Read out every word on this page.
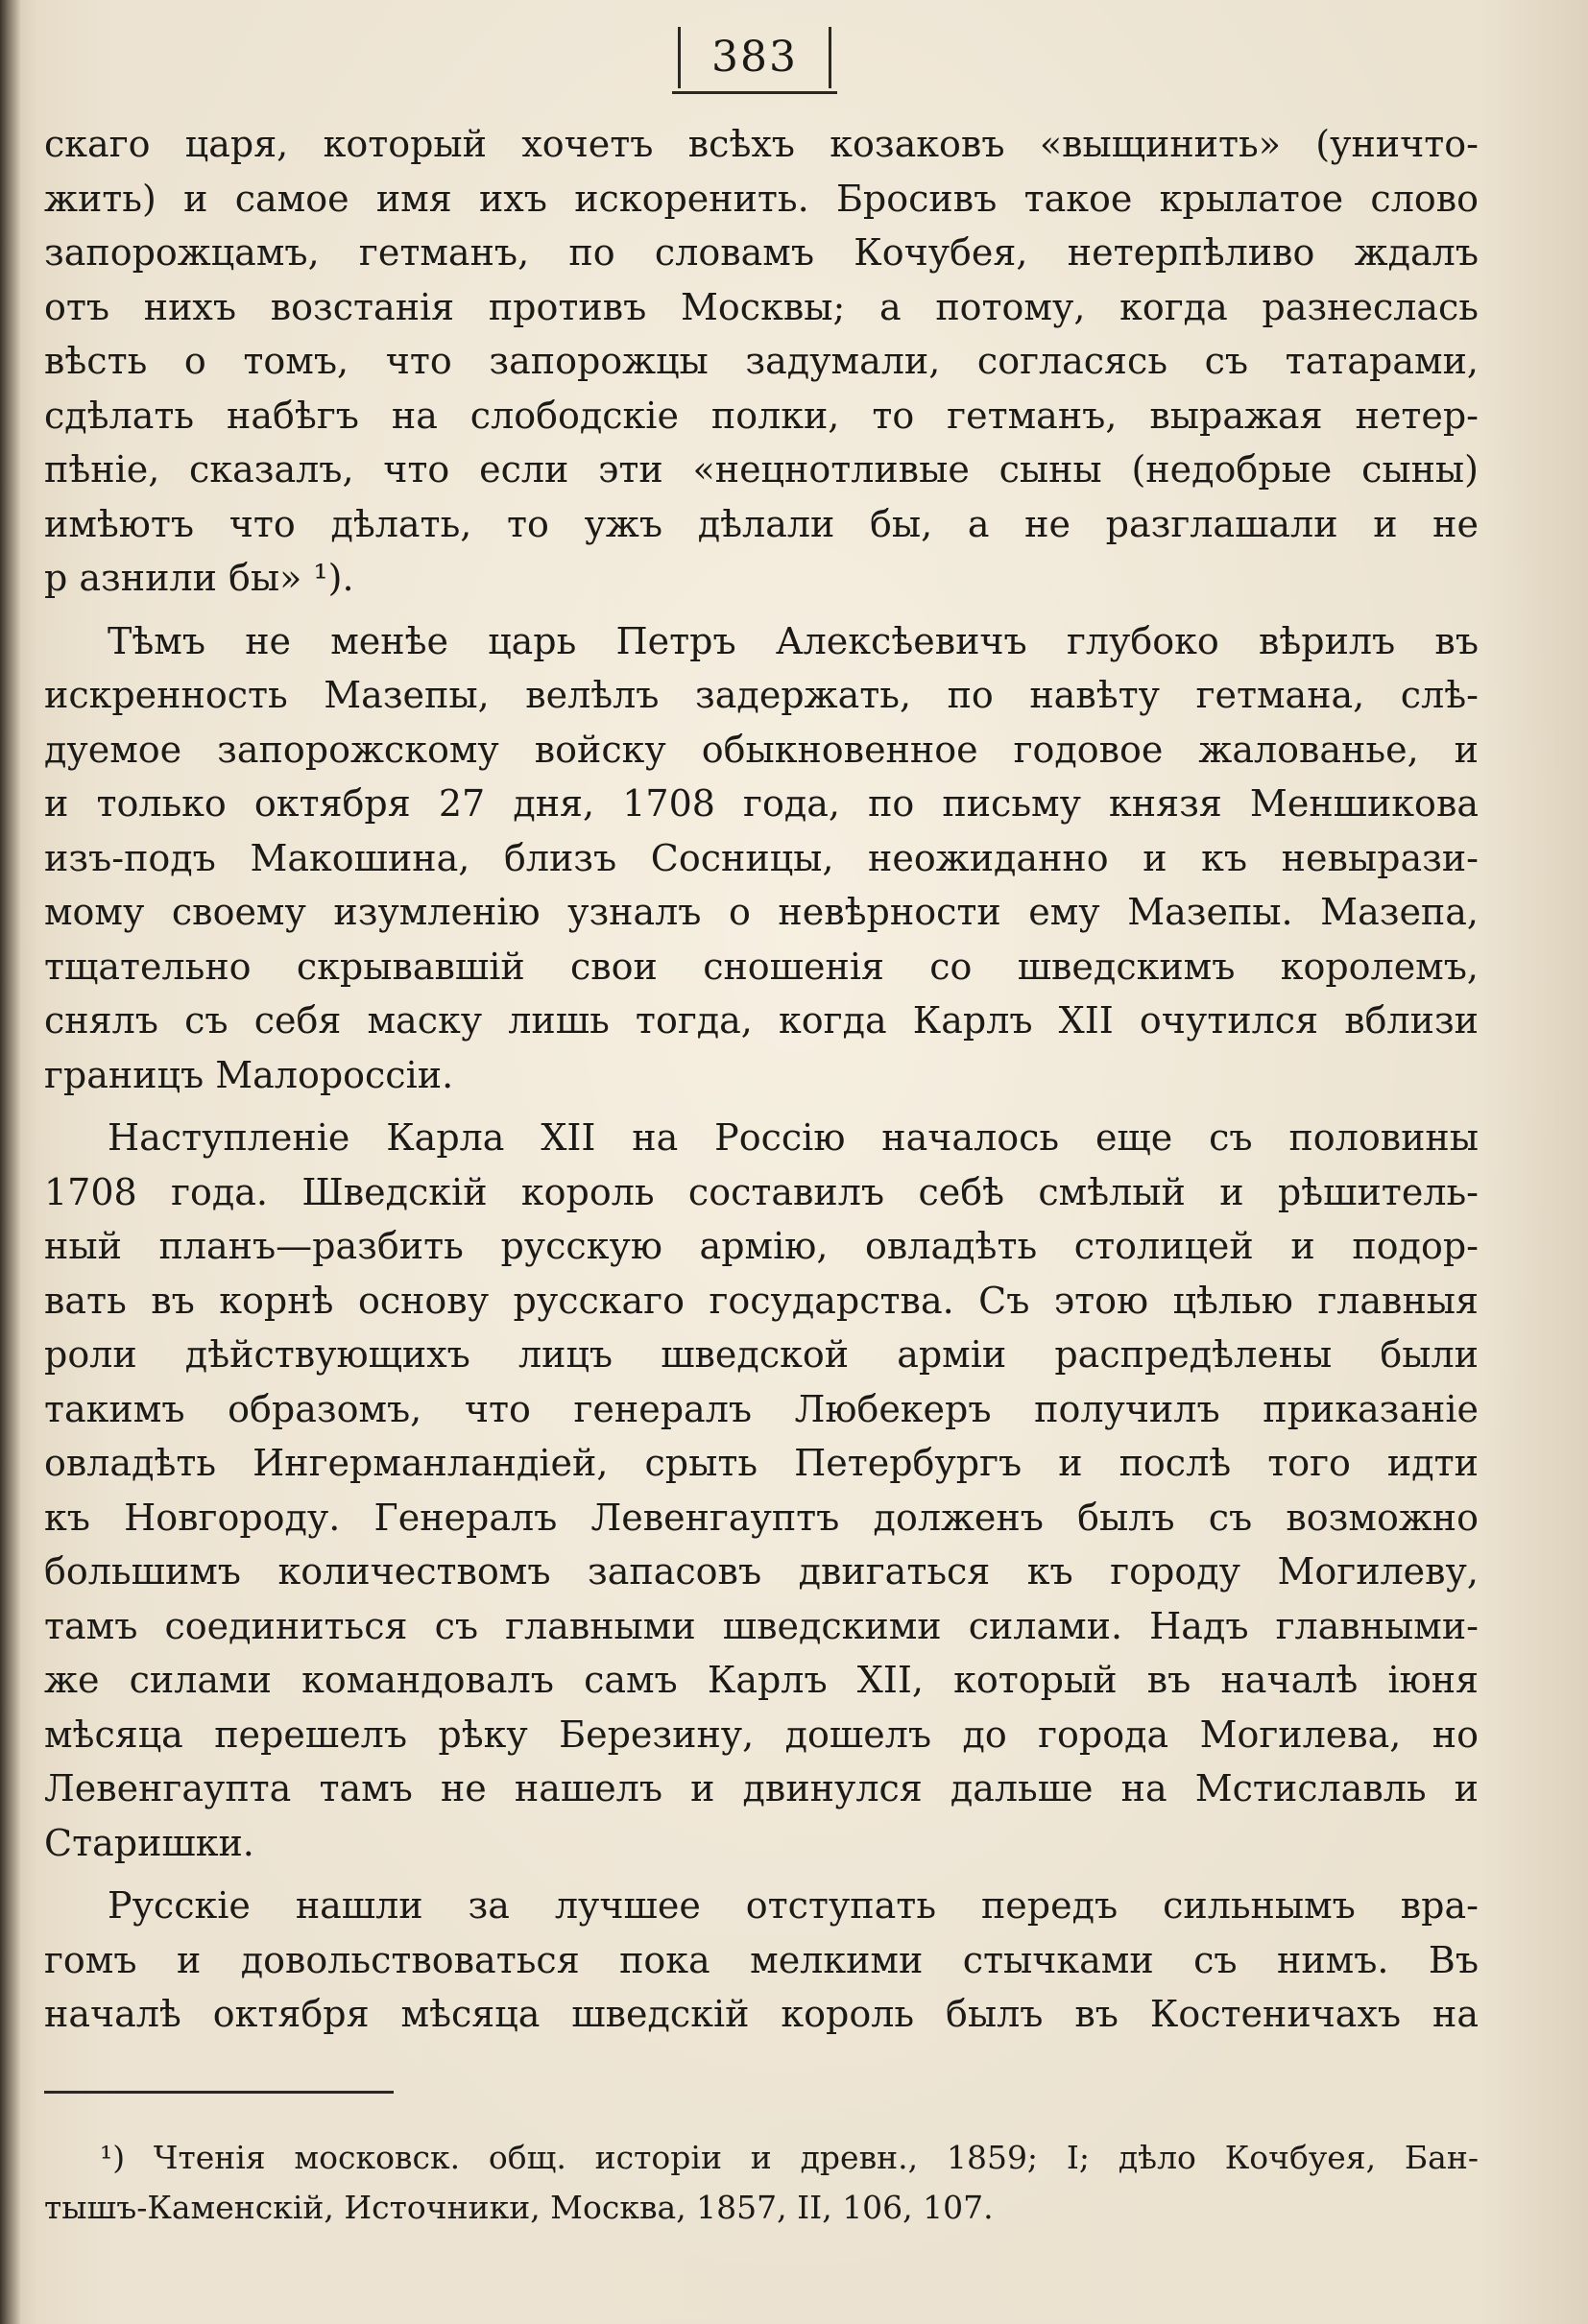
383
скаго царя, который хочетъ всѣхъ козаковъ «выщинить» (уничто-
жить) и самое имя ихъ искоренить. Бросивъ такое крылатое слово
запорожцамъ, гетманъ, по словамъ Кочубея, нетерпѣливо ждалъ
отъ нихъ возстанія противъ Москвы; а потому, когда разнеслась
вѣсть о томъ, что запорожцы задумали, согласясь съ татарами,
сдѣлать набѣгъ на слободскіе полки, то гетманъ, выражая нетер-
пѣніе, сказалъ, что если эти «нецнотливые сыны (недобрые сыны)
имѣютъ что дѣлать, то ужъ дѣлали бы, а не разглашали и не
р азнили бы» ¹).
Тѣмъ не менѣе царь Петръ Алексѣевичъ глубоко вѣрилъ въ
искренность Мазепы, велѣлъ задержать, по навѣту гетмана, слѣ-
дуемое запорожскому войску обыкновенное годовое жалованье, и
и только октября 27 дня, 1708 года, по письму князя Меншикова
изъ-подъ Макошина, близъ Сосницы, неожиданно и къ невырази-
мому своему изумленію узналъ о невѣрности ему Мазепы. Мазепа,
тщательно скрывавшій свои сношенія со шведскимъ королемъ,
снялъ съ себя маску лишь тогда, когда Карлъ XII очутился вблизи
границъ Малороссіи.
Наступленіе Карла XII на Россію началось еще съ половины
1708 года. Шведскій король составилъ себѣ смѣлый и рѣшитель-
ный планъ—разбить русскую армію, овладѣть столицей и подор-
вать въ корнѣ основу русскаго государства. Съ этою цѣлью главныя
роли дѣйствующихъ лицъ шведской арміи распредѣлены были
такимъ образомъ, что генералъ Любекеръ получилъ приказаніе
овладѣть Ингерманландіей, срыть Петербургъ и послѣ того идти
къ Новгороду. Генералъ Левенгауптъ долженъ былъ съ возможно
большимъ количествомъ запасовъ двигаться къ городу Могилеву,
тамъ соединиться съ главными шведскими силами. Надъ главными-
же силами командовалъ самъ Карлъ XII, который въ началѣ іюня
мѣсяца перешелъ рѣку Березину, дошелъ до города Могилева, но
Левенгаупта тамъ не нашелъ и двинулся дальше на Мстиславль и
Старишки.
Русскіе нашли за лучшее отступать передъ сильнымъ вра-
гомъ и довольствоваться пока мелкими стычками съ нимъ. Въ
началѣ октября мѣсяца шведскій король былъ въ Костеничахъ на
¹) Чтенія московск. общ. исторіи и древн., 1859; I; дѣло Кочбуея, Бан-
тышъ-Каменскій, Источники, Москва, 1857, II, 106, 107.
